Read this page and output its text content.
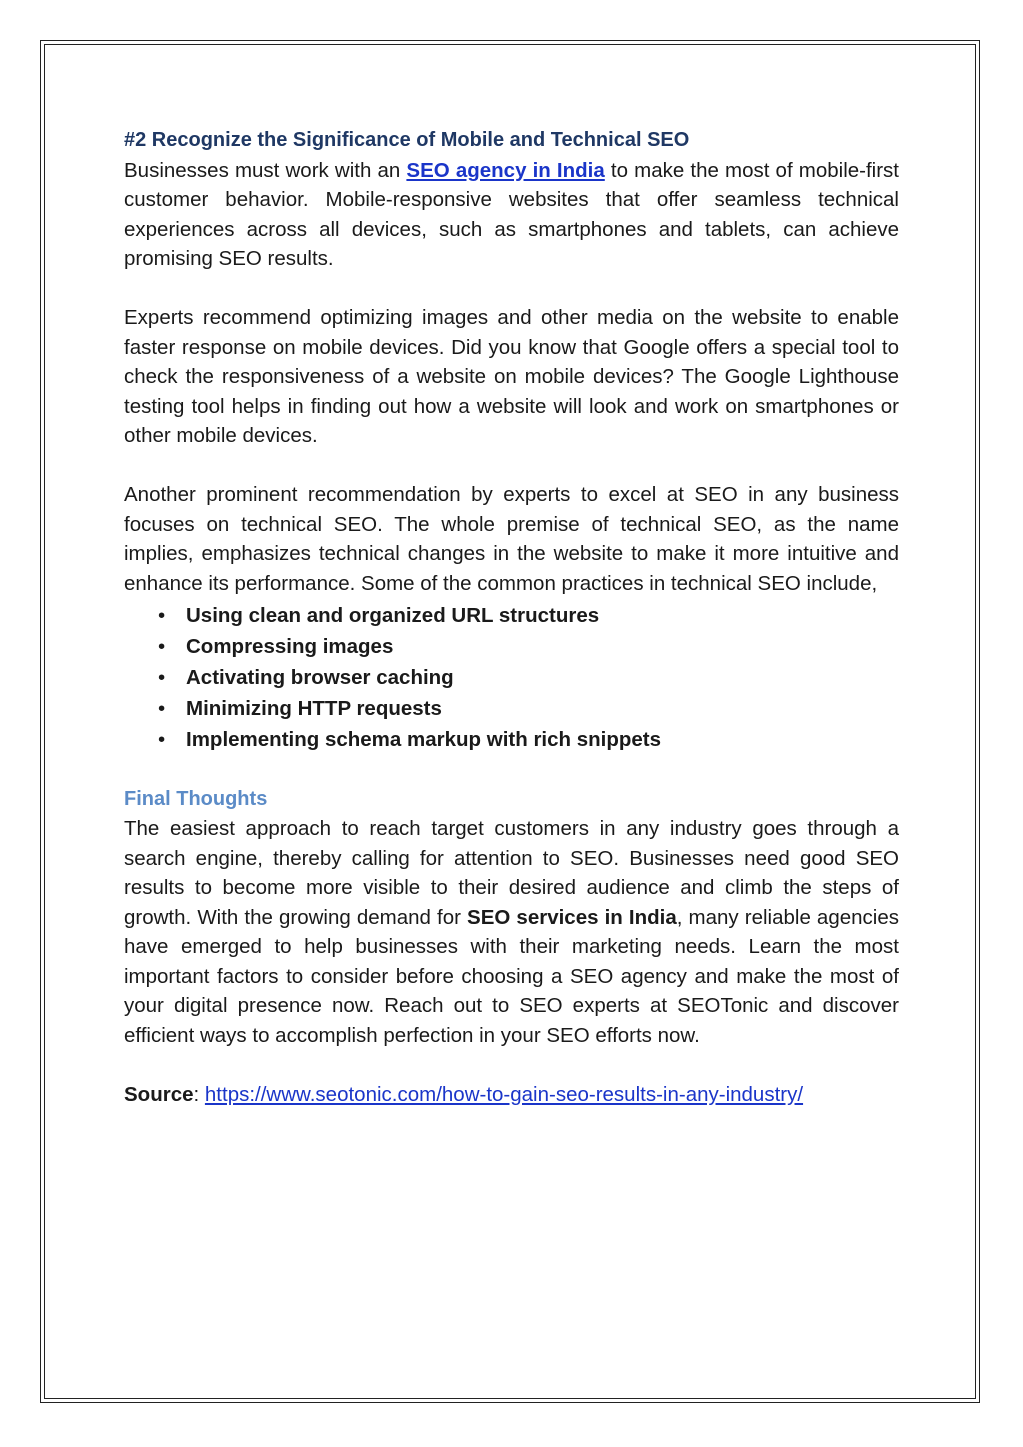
#2 Recognize the Significance of Mobile and Technical SEO

Businesses must work with an SEO agency in India to make the most of mobile-first customer behavior. Mobile-responsive websites that offer seamless technical experiences across all devices, such as smartphones and tablets, can achieve promising SEO results.

Experts recommend optimizing images and other media on the website to enable faster response on mobile devices. Did you know that Google offers a special tool to check the responsiveness of a website on mobile devices? The Google Lighthouse testing tool helps in finding out how a website will look and work on smartphones or other mobile devices.

Another prominent recommendation by experts to excel at SEO in any business focuses on technical SEO. The whole premise of technical SEO, as the name implies, emphasizes technical changes in the website to make it more intuitive and enhance its performance. Some of the common practices in technical SEO include,

•	Using clean and organized URL structures
•	Compressing images
•	Activating browser caching
•	Minimizing HTTP requests
•	Implementing schema markup with rich snippets
Final Thoughts

The easiest approach to reach target customers in any industry goes through a search engine, thereby calling for attention to SEO. Businesses need good SEO results to become more visible to their desired audience and climb the steps of growth. With the growing demand for SEO services in India, many reliable agencies have emerged to help businesses with their marketing needs. Learn the most important factors to consider before choosing a SEO agency and make the most of your digital presence now. Reach out to SEO experts at SEOTonic and discover efficient ways to accomplish perfection in your SEO efforts now.

Source: https://www.seotonic.com/how-to-gain-seo-results-in-any-industry/
